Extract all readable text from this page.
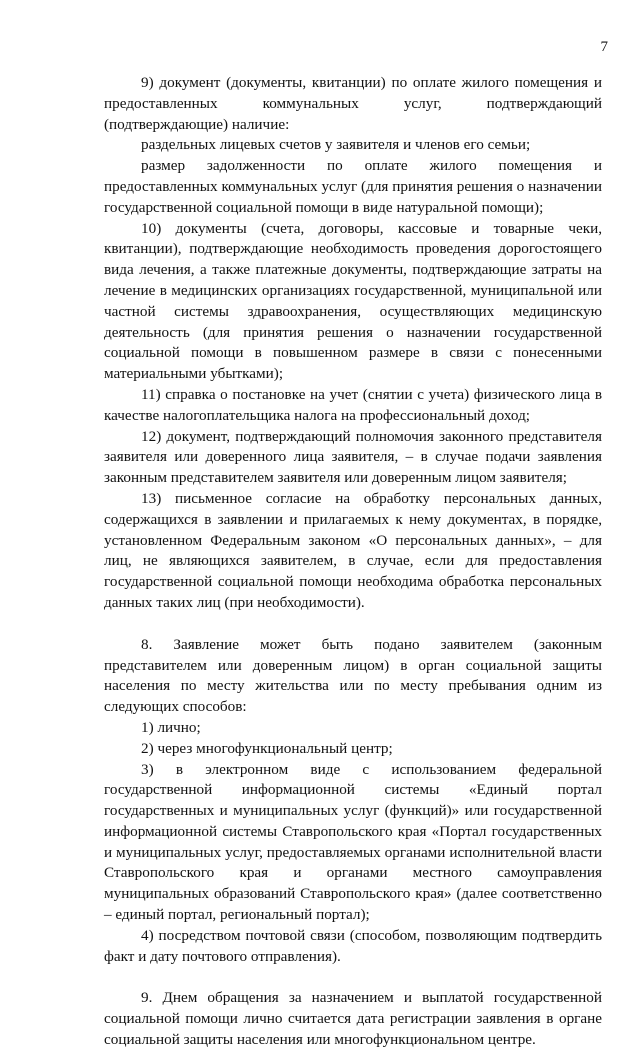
7

9) документ (документы, квитанции) по оплате жилого помещения и предоставленных коммунальных услуг, подтверждающий (подтверждающие) наличие:

раздельных лицевых счетов у заявителя и членов его семьи;

размер задолженности по оплате жилого помещения и предоставленных коммунальных услуг (для принятия решения о назначении государственной социальной помощи в виде натуральной помощи);

10) документы (счета, договоры, кассовые и товарные чеки, квитанции), подтверждающие необходимость проведения дорогостоящего вида лечения, а также платежные документы, подтверждающие затраты на лечение в медицинских организациях государственной, муниципальной или частной системы здравоохранения, осуществляющих медицинскую деятельность (для принятия решения о назначении государственной социальной помощи в повышенном размере в связи с понесенными материальными убытками);

11) справка о постановке на учет (снятии с учета) физического лица в качестве налогоплательщика налога на профессиональный доход;

12) документ, подтверждающий полномочия законного представителя заявителя или доверенного лица заявителя, – в случае подачи заявления законным представителем заявителя или доверенным лицом заявителя;

13) письменное согласие на обработку персональных данных, содержащихся в заявлении и прилагаемых к нему документах, в порядке, установленном Федеральным законом «О персональных данных», – для лиц, не являющихся заявителем, в случае, если для предоставления государственной социальной помощи необходима обработка персональных данных таких лиц (при необходимости).

8. Заявление может быть подано заявителем (законным представителем или доверенным лицом) в орган социальной защиты населения по месту жительства или по месту пребывания одним из следующих способов:

1) лично;

2) через многофункциональный центр;

3) в электронном виде с использованием федеральной государственной информационной системы «Единый портал государственных и муниципальных услуг (функций)» или государственной информационной системы Ставропольского края «Портал государственных и муниципальных услуг, предоставляемых органами исполнительной власти Ставропольского края и органами местного самоуправления муниципальных образований Ставропольского края» (далее соответственно – единый портал, региональный портал);

4) посредством почтовой связи (способом, позволяющим подтвердить факт и дату почтового отправления).

9. Днем обращения за назначением и выплатой государственной социальной помощи лично считается дата регистрации заявления в органе социальной защиты населения или многофункциональном центре.
